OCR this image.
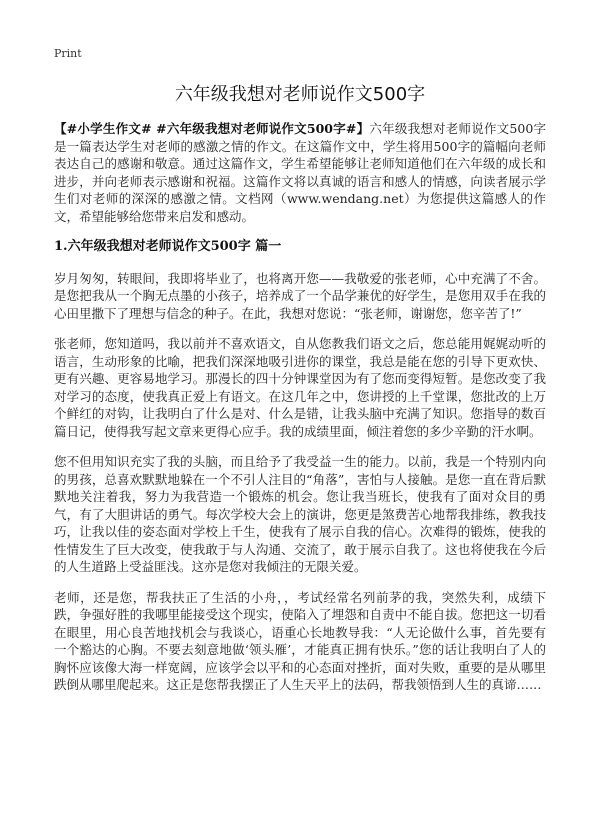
Print
六年级我想对老师说作文500字

【#小学生作文# #六年级我想对老师说作文500字#】六年级我想对老师说作文500字是一篇表达学生对老师的感激之情的作文。在这篇作文中，学生将用500字的篇幅向老师表达自己的感谢和敬意。通过这篇作文，学生希望能够让老师知道他们在六年级的成长和进步，并向老师表示感谢和祝福。这篇作文将以真诚的语言和感人的情感，向读者展示学生们对老师的深深的感激之情。文档网（www.wendang.net）为您提供这篇感人的作文，希望能够给您带来启发和感动。

1.六年级我想对老师说作文500字 篇一

岁月匆匆，转眼间，我即将毕业了，也将离开您——我敬爱的张老师，心中充满了不舍。是您把我从一个胸无点墨的小孩子，培养成了一个品学兼优的好学生，是您用双手在我的心田里撒下了理想与信念的种子。在此，我想对您说：“张老师，谢谢您，您辛苦了!”

张老师，您知道吗，我以前并不喜欢语文，自从您教我们语文之后，您总能用娓娓动听的语言，生动形象的比喻，把我们深深地吸引进你的课堂，我总是能在您的引导下更欢快、更有兴趣、更容易地学习。那漫长的四十分钟课堂因为有了您而变得短暂。是您改变了我对学习的态度，使我真正爱上有语文。在这几年之中，您讲授的上千堂课，您批改的上万个鲜红的对钩，让我明白了什么是对、什么是错，让我头脑中充满了知识。您指导的数百篇日记，使得我写起文章来更得心应手。我的成绩里面，倾注着您的多少辛勤的汗水啊。

您不但用知识充实了我的头脑，而且给予了我受益一生的能力。以前，我是一个特别内向的男孩，总喜欢默默地躲在一个不引人注目的“角落”，害怕与人接触。是您一直在背后默默地关注着我，努力为我营造一个锻炼的机会。您让我当班长，使我有了面对众目的勇气，有了大胆讲话的勇气。每次学校大会上的演讲，您更是煞费苦心地帮我排练，教我技巧，让我以佳的姿态面对学校上千生，使我有了展示自我的信心。次难得的锻炼，使我的性情发生了巨大改变，使我敢于与人沟通、交流了，敢于展示自我了。这也将使我在今后的人生道路上受益匪浅。这亦是您对我倾注的无限关爱。

老师，还是您，帮我扶正了生活的小舟，，考试经常名列前茅的我，突然失利，成绩下跌，争强好胜的我哪里能接受这个现实，使陷入了埋怨和自责中不能自拔。您把这一切看在眼里，用心良苦地找机会与我谈心，语重心长地教导我：“人无论做什么事，首先要有一个豁达的心胸。不要去刻意地做‘领头雁’，才能真正拥有快乐。”您的话让我明白了人的胸怀应该像大海一样宽阔，应该学会以平和的心态面对挫折，面对失败，重要的是从哪里跌倒从哪里爬起来。这正是您帮我摆正了人生天平上的法码，帮我领悟到人生的真谛……
